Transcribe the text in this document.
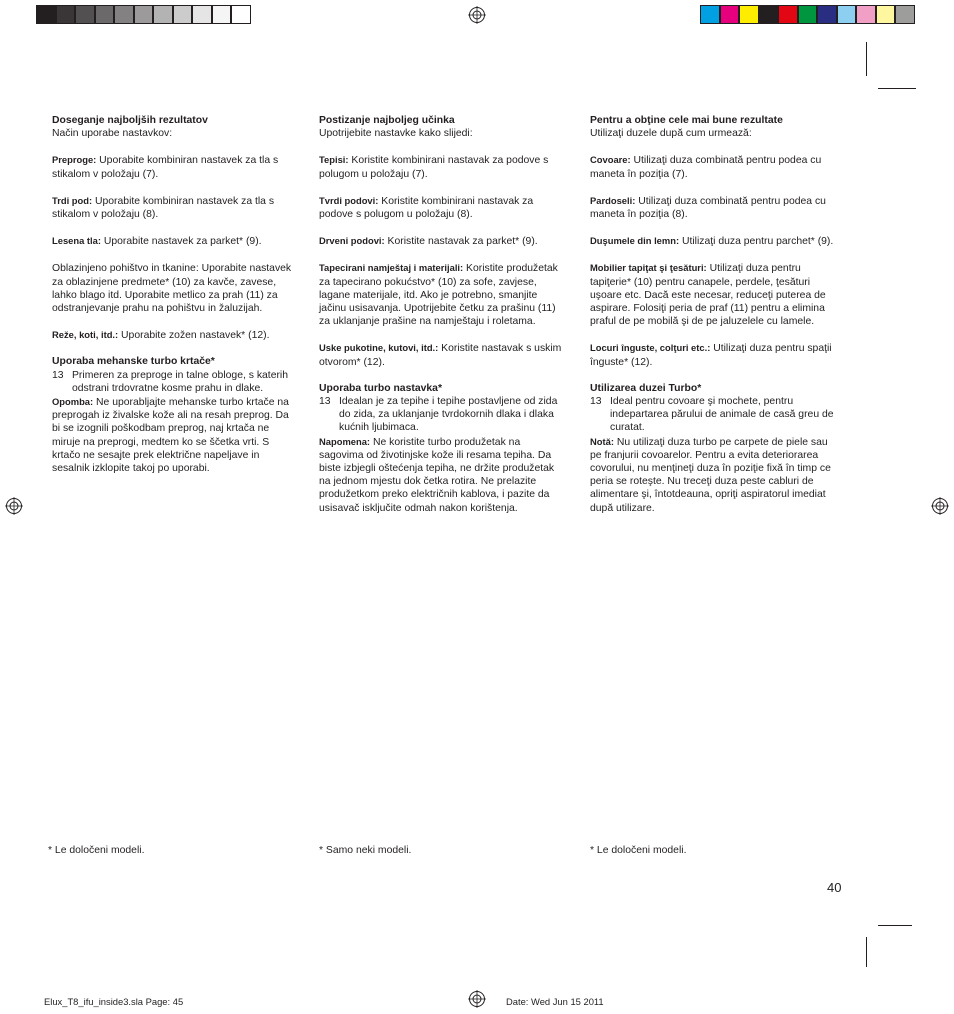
Doseganje najboljših rezultatov

Način uporabe nastavkov:

Preproge: Uporabite kombiniran nastavek za tla s stikalom v položaju (7).

Trdi pod: Uporabite kombiniran nastavek za tla s stikalom v položaju (8).

Lesena tla: Uporabite nastavek za parket* (9).

Oblazinjeno pohištvo in tkanine: Uporabite nastavek za oblazinjene predmete* (10) za kavče, zavese, lahko blago itd. Uporabite metlico za prah (11) za odstranjevanje prahu na pohištvu in žaluzijah.

Reže, koti, itd.: Uporabite zožen nastavek* (12).

Uporaba mehanske turbo krtače*

13 Primeren za preproge in talne obloge, s katerih odstrani trdovratne kosme prahu in dlake.

Opomba: Ne uporabljajte mehanske turbo krtače na preprogah iz živalske kože ali na resah preprog. Da bi se izognili poškodbam preprog, naj krtača ne miruje na preprogi, medtem ko se ščetka vrti. S krtačo ne sesajte prek električne napeljave in sesalnik izklopite takoj po uporabi.

Postizanje najboljeg učinka

Upotrijebite nastavke kako slijedi:

Tepisi: Koristite kombinirani nastavak za podove s polugom u položaju (7).

Tvrdi podovi: Koristite kombinirani nastavak za podove s polugom u položaju (8).

Drveni podovi: Koristite nastavak za parket* (9).

Tapecirani namještaj i materijali: Koristite produžetak za tapecirano pokućstvo* (10) za sofe, zavjese, lagane materijale, itd. Ako je potrebno, smanjite jačinu usisavanja. Upotrijebite četku za prašinu (11) za uklanjanje prašine na namještaju i roletama.

Uske pukotine, kutovi, itd.: Koristite nastavak s uskim otvorom* (12).

Uporaba turbo nastavka*

13 Idealan je za tepihe i tepihe postavljene od zida do zida, za uklanjanje tvrdokornih dlaka i dlaka kućnih ljubimaca.

Napomena: Ne koristite turbo produžetak na sagovima od životinjske kože ili resama tepiha. Da biste izbjegli oštećenja tepiha, ne držite produžetak na jednom mjestu dok četka rotira. Ne prelazite produžetkom preko električnih kablova, i pazite da usisavač isključite odmah nakon korištenja.

Pentru a obţine cele mai bune rezultate

Utilizaţi duzele după cum urmează:

Covoare: Utilizaţi duza combinată pentru podea cu maneta în poziţia (7).

Pardoseli: Utilizaţi duza combinată pentru podea cu maneta în poziţia (8).

Duşumele din lemn: Utilizaţi duza pentru parchet* (9).

Mobilier tapiţat şi ţesături: Utilizaţi duza pentru tapiţerie* (10) pentru canapele, perdele, ţesături uşoare etc. Dacă este necesar, reduceţi puterea de aspirare. Folosiţi peria de praf (11) pentru a elimina praful de pe mobilă şi de pe jaluzelele cu lamele.

Locuri înguste, colţuri etc.: Utilizaţi duza pentru spaţii înguste* (12).

Utilizarea duzei Turbo*

13 Ideal pentru covoare şi mochete, pentru indepartarea părului de animale de casă greu de curatat.

Notă: Nu utilizaţi duza turbo pe carpete de piele sau pe franjurii covoarelor. Pentru a evita deteriorarea covorului, nu menţineţi duza în poziţie fixă în timp ce peria se roteşte. Nu treceţi duza peste cabluri de alimentare şi, întotdeauna, opriţi aspiratorul imediat după utilizare.

* Le določeni modeli.	* Samo neki modeli.	* Le določeni modeli.
40
Elux_T8_ifu_inside3.sla Page: 45	Date: Wed Jun 15 2011
